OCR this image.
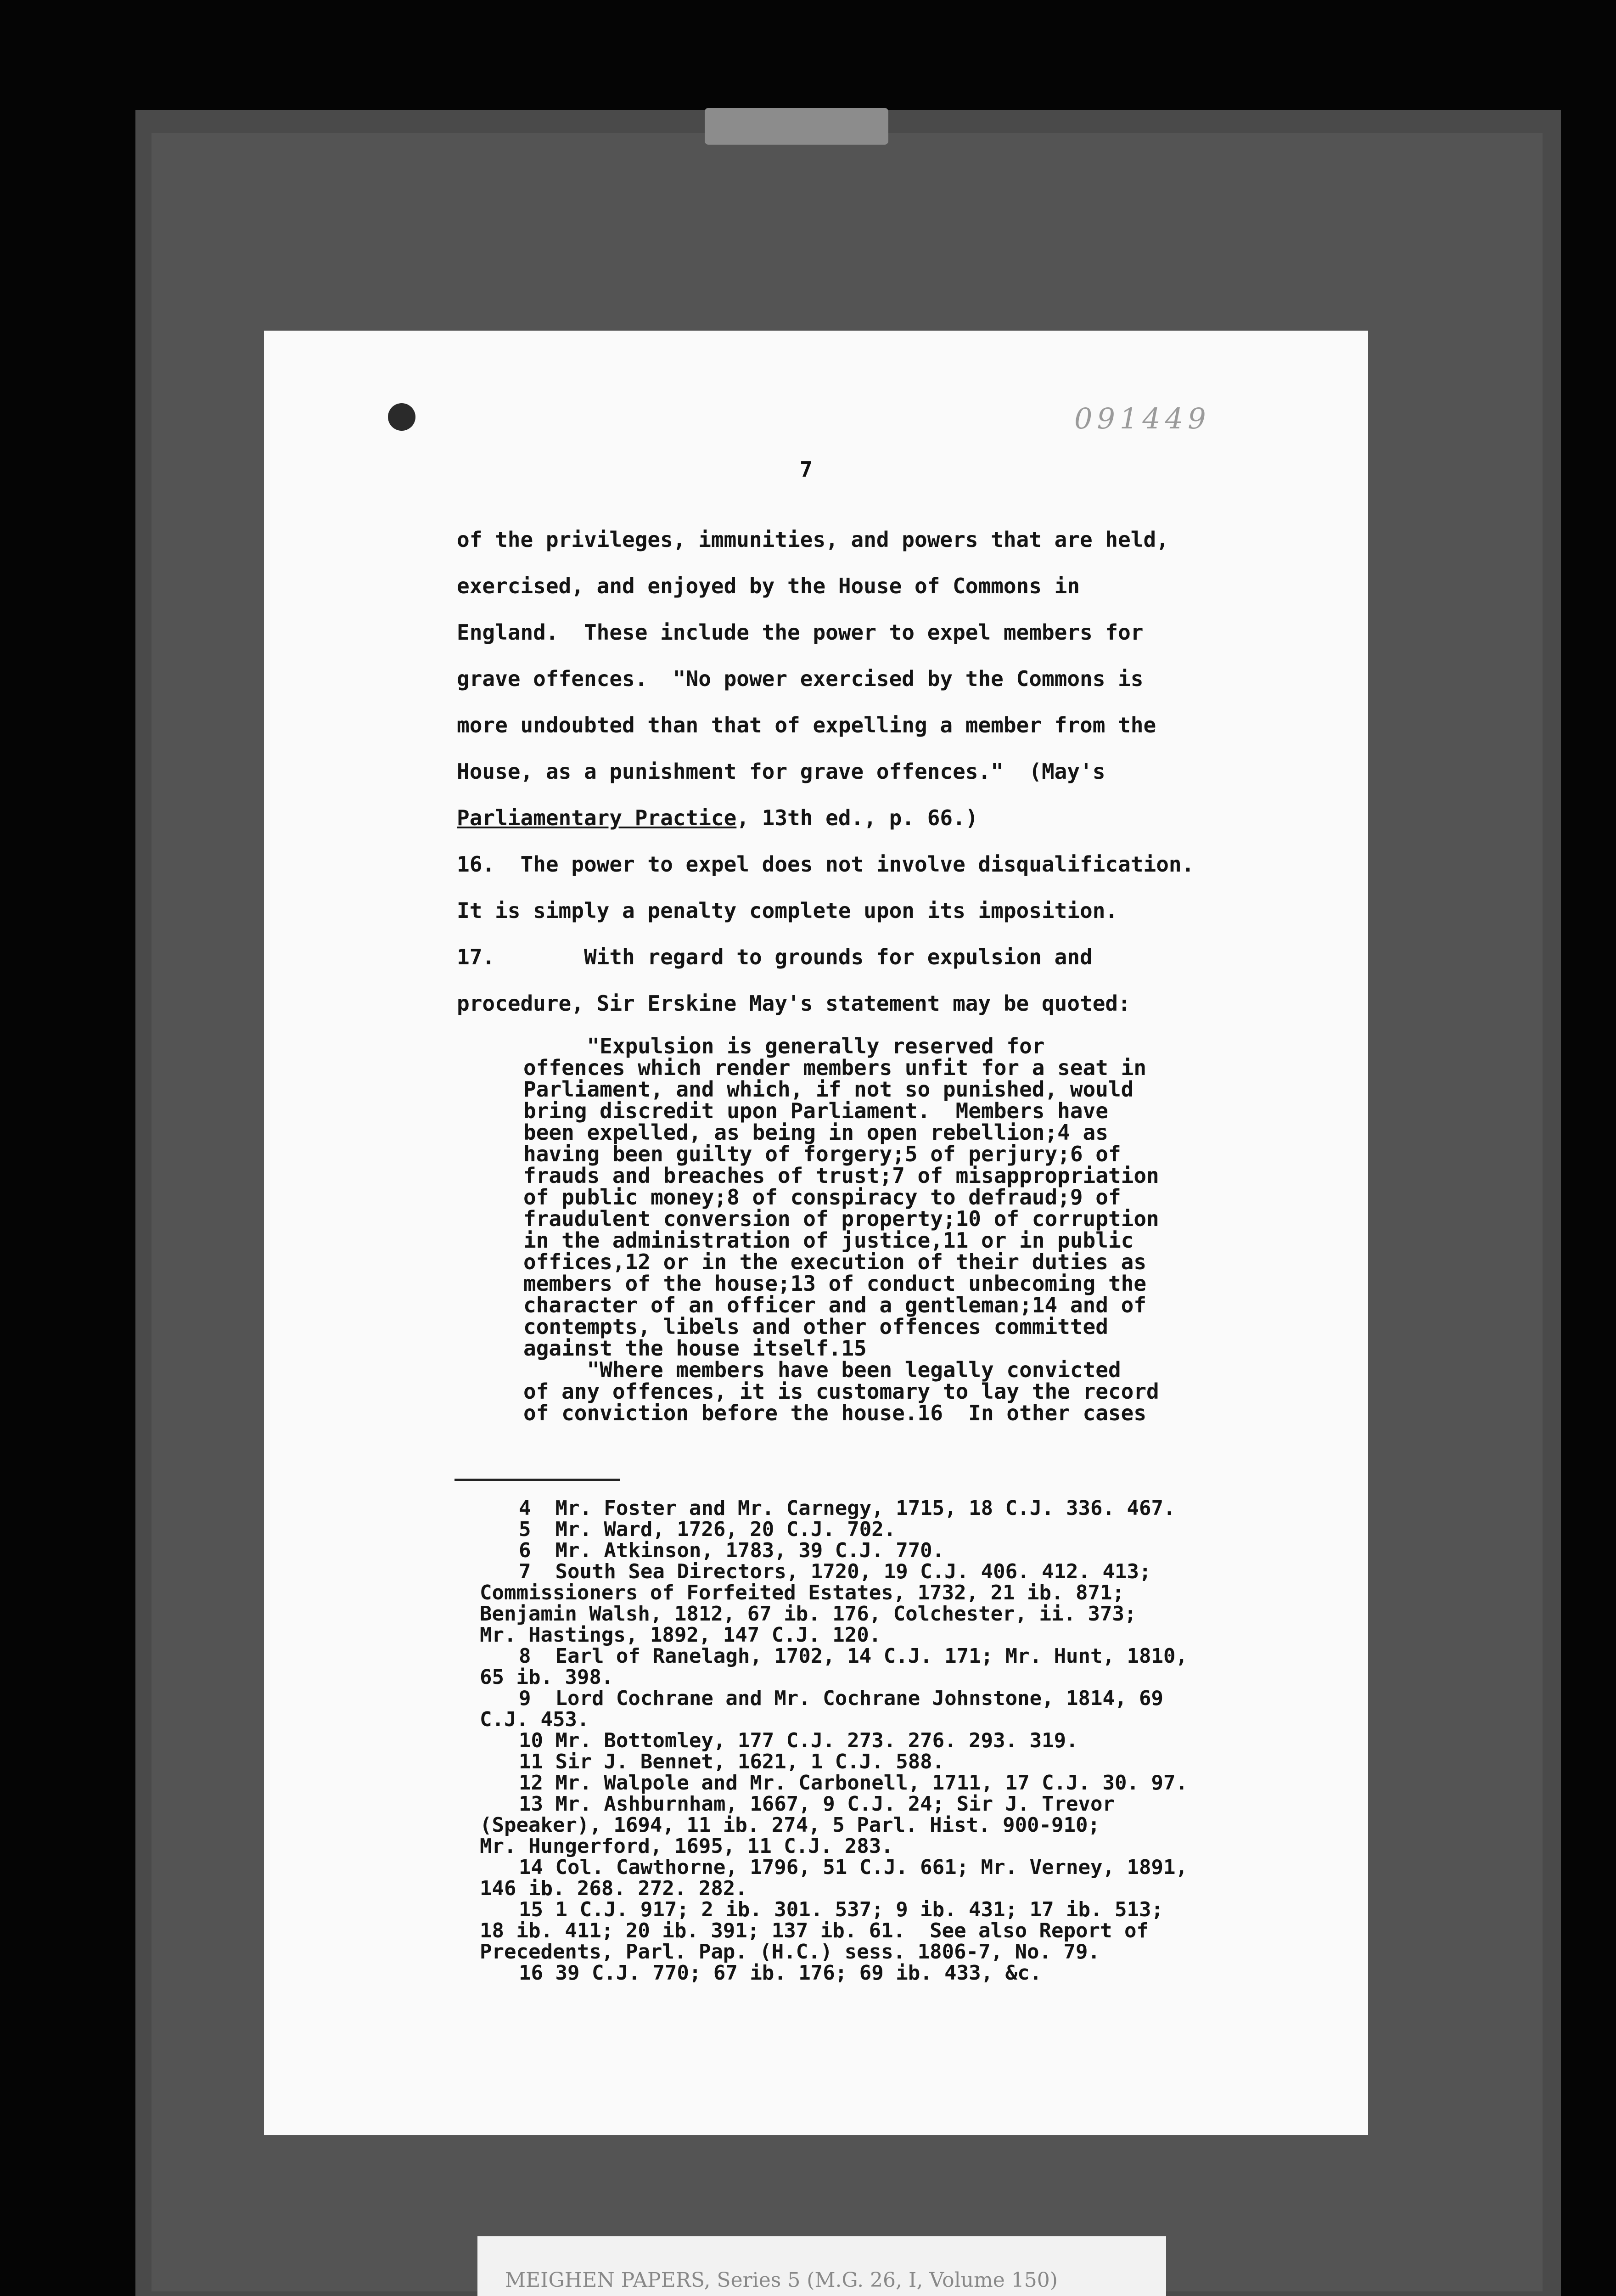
091449
7
of the privileges, immunities, and powers that are held,
exercised, and enjoyed by the House of Commons in
England.  These include the power to expel members for
grave offences.  "No power exercised by the Commons is
more undoubted than that of expelling a member from the
House, as a punishment for grave offences."  (May's
Parliamentary Practice, 13th ed., p. 66.)
16.  The power to expel does not involve disqualification.
It is simply a penalty complete upon its imposition.
17.       With regard to grounds for expulsion and
procedure, Sir Erskine May's statement may be quoted:
"Expulsion is generally reserved for
offences which render members unfit for a seat in
Parliament, and which, if not so punished, would
bring discredit upon Parliament.  Members have
been expelled, as being in open rebellion;4 as
having been guilty of forgery;5 of perjury;6 of
frauds and breaches of trust;7 of misappropriation
of public money;8 of conspiracy to defraud;9 of
fraudulent conversion of property;10 of corruption
in the administration of justice,11 or in public
offices,12 or in the execution of their duties as
members of the house;13 of conduct unbecoming the
character of an officer and a gentleman;14 and of
contempts, libels and other offences committed
against the house itself.15
"Where members have been legally convicted
of any offences, it is customary to lay the record
of conviction before the house.16  In other cases
4  Mr. Foster and Mr. Carnegy, 1715, 18 C.J. 336. 467.
5  Mr. Ward, 1726, 20 C.J. 702.
6  Mr. Atkinson, 1783, 39 C.J. 770.
7  South Sea Directors, 1720, 19 C.J. 406. 412. 413;
Commissioners of Forfeited Estates, 1732, 21 ib. 871;
Benjamin Walsh, 1812, 67 ib. 176, Colchester, ii. 373;
Mr. Hastings, 1892, 147 C.J. 120.
8  Earl of Ranelagh, 1702, 14 C.J. 171; Mr. Hunt, 1810,
65 ib. 398.
9  Lord Cochrane and Mr. Cochrane Johnstone, 1814, 69
C.J. 453.
10 Mr. Bottomley, 177 C.J. 273. 276. 293. 319.
11 Sir J. Bennet, 1621, 1 C.J. 588.
12 Mr. Walpole and Mr. Carbonell, 1711, 17 C.J. 30. 97.
13 Mr. Ashburnham, 1667, 9 C.J. 24; Sir J. Trevor
(Speaker), 1694, 11 ib. 274, 5 Parl. Hist. 900-910;
Mr. Hungerford, 1695, 11 C.J. 283.
14 Col. Cawthorne, 1796, 51 C.J. 661; Mr. Verney, 1891,
146 ib. 268. 272. 282.
15 1 C.J. 917; 2 ib. 301. 537; 9 ib. 431; 17 ib. 513;
18 ib. 411; 20 ib. 391; 137 ib. 61.  See also Report of
Precedents, Parl. Pap. (H.C.) sess. 1806-7, No. 79.
16 39 C.J. 770; 67 ib. 176; 69 ib. 433, &c.
MEIGHEN PAPERS, Series 5 (M.G. 26, I, Volume 150)
